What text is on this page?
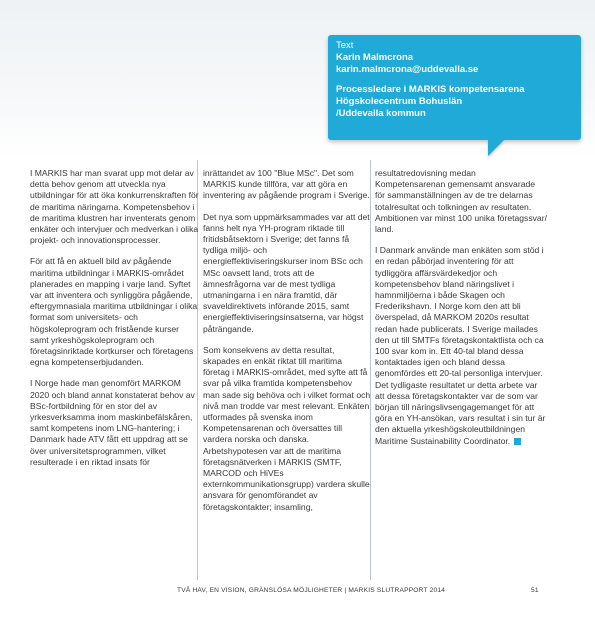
Text
Karin Malmcrona
karin.malmcrona@uddevalla.se
Processledare i MARKIS kompetensarena
Högskolecentrum Bohuslän
/Uddevalla kommun

I MARKIS har man svarat upp mot delar av detta behov genom att utveckla nya utbildningar för att öka konkurrenskraften för de maritima näringarna. Kompetensbehov i de maritima klustren har inventerats genom enkäter och intervjuer och medverkan i olika projekt- och innovationsprocesser.

För att få en aktuell bild av pågående maritima utbildningar i MARKIS-området planerades en mapping i varje land. Syftet var att inventera och synliggöra pågående, eftergymnasiala maritima utbildningar i olika format som universitets- och högskoleprogram och fristående kurser samt yrkeshögskoleprogram och företagsinriktade kortkurser och företagens egna kompetenserbjudanden.

I Norge hade man genomfört MARKOM 2020 och bland annat konstaterat behov av BSc-fortbildning för en stor del av yrkesverksamma inom maskinbefälskåren, samt kompetens inom LNG-hantering; i Danmark hade ATV fått ett uppdrag att se över universitetsprogrammen, vilket resulterade i en riktad insats för

inrättandet av 100 "Blue MSc". Det som MARKIS kunde tillföra, var att göra en inventering av pågående program i Sverige.

Det nya som uppmärksammades var att det fanns helt nya YH-program riktade till fritidsbåtsektorn i Sverige; det fanns få tydliga miljö- och energieffektiviseringskurser inom BSc och MSc oavsett land, trots att de ämnesfrågorna var de mest tydliga utmaningarna i en nära framtid, där svaveldirektivets införande 2015, samt energieffektiviseringsinsatserna, var högst påträngande.

Som konsekvens av detta resultat, skapades en enkät riktat till maritima företag i MARKIS-området, med syfte att få svar på vilka framtida kompetensbehov man sade sig behöva och i vilket format och nivå man trodde var mest relevant. Enkäten utformades på svenska inom Kompetensarenan och översattes till vardera norska och danska. Arbetshypotesen var att de maritima företagsnätverken i MARKIS (SMTF, MARCOD och HiVEs externkommunikationsgrupp) vardera skulle ansvara för genomförandet av företagskontakter; insamling,

resultatredovisning medan Kompetensarenan gemensamt ansvarade för sammanställningen av de tre delarnas totalresultat och tolkningen av resultaten. Ambitionen var minst 100 unika företagssvar/ land.

I Danmark använde man enkäten som stöd i en redan påbörjad inventering för att tydliggöra affärsvärdekedjor och kompetensbehov bland näringslivet i hamnmiljöerna i både Skagen och Frederikshavn. I Norge kom den att bli överspelad, då MARKOM 2020s resultat redan hade publicerats. I Sverige mailades den ut till SMTFs företagskontaktlista och ca 100 svar kom in. Ett 40-tal bland dessa kontaktades igen och bland dessa genomfördes ett 20-tal personliga intervjuer. Det tydligaste resultatet ur detta arbete var att dessa företagskontakter var de som var början till näringslivsengagemanget för att göra en YH-ansökan, vars resultat i sin tur är den aktuella yrkeshögskoleutbildningen Maritime Sustainability Coordinator.

TVÅ HAV, EN VISION, GRÄNSLÖSA MÖJLIGHETER | MARKIS SLUTRAPPORT 2014	51
